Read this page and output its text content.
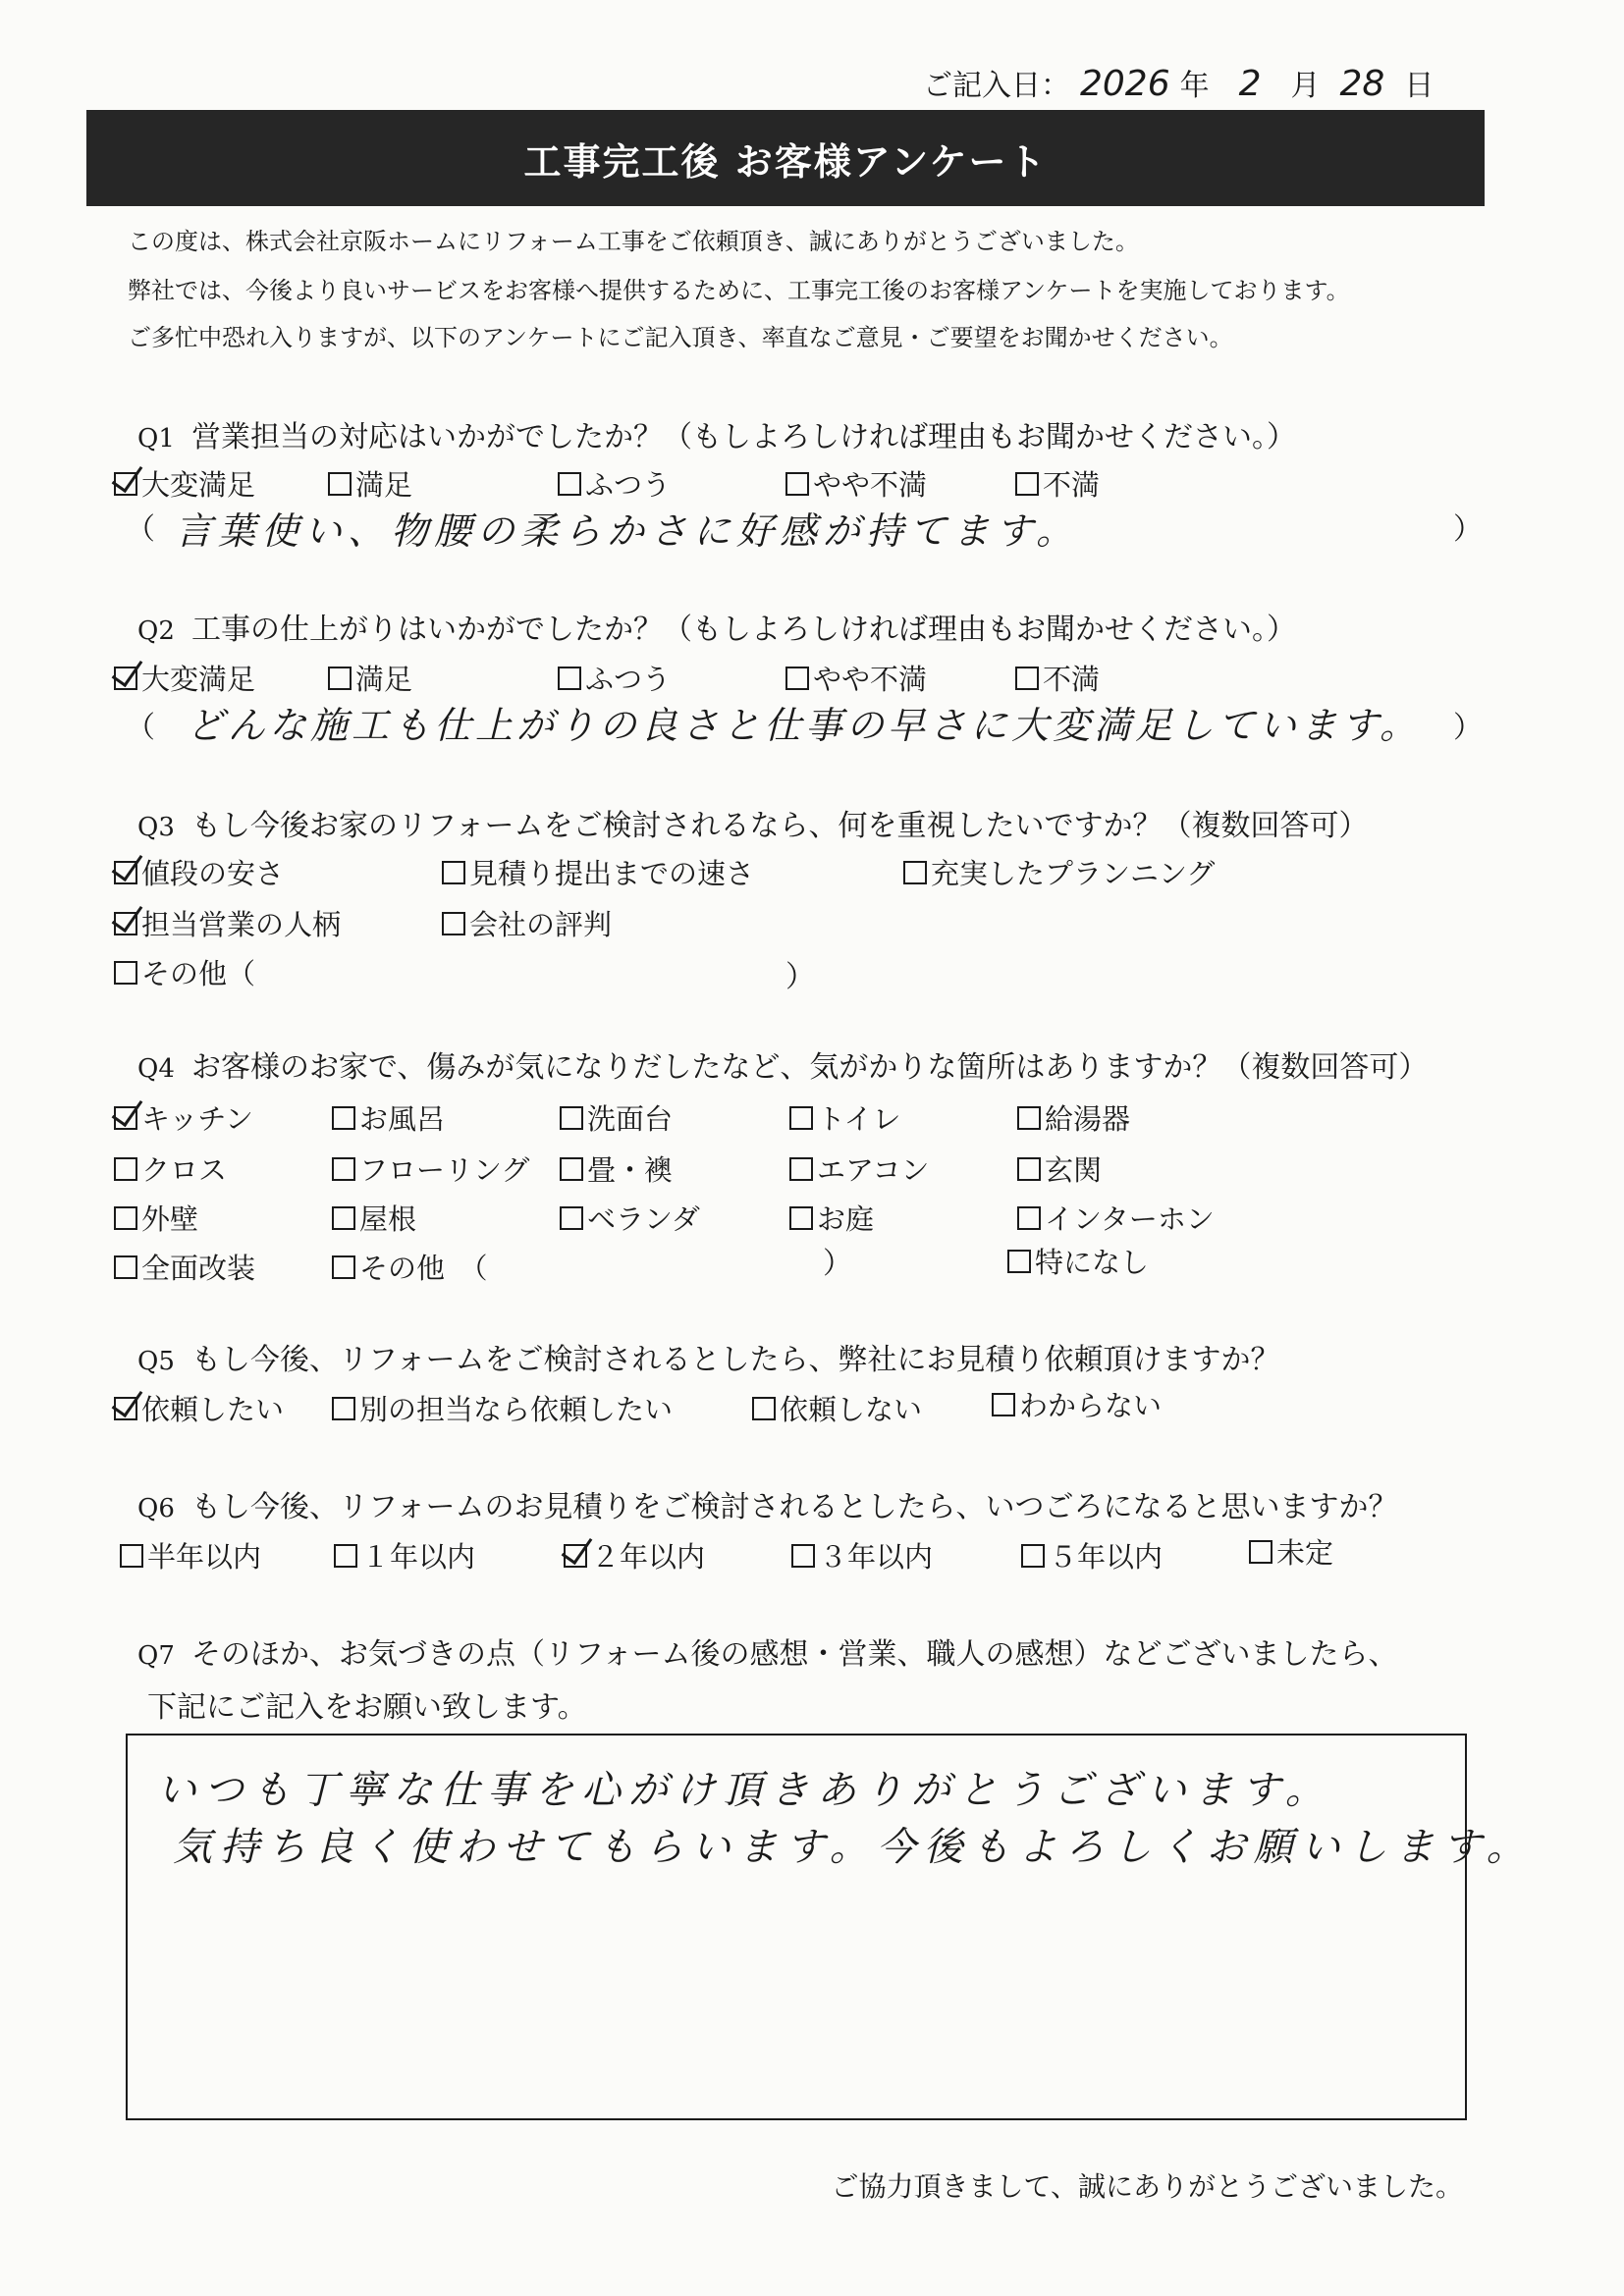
ご記入日： 2026 年 2 月 28 日
工事完工後 お客様アンケート
この度は、株式会社京阪ホームにリフォーム工事をご依頼頂き、誠にありがとうございました。
弊社では、今後より良いサービスをお客様へ提供するために、工事完工後のお客様アンケートを実施しております。
ご多忙中恐れ入りますが、以下のアンケートにご記入頂き、率直なご意見・ご要望をお聞かせください。
Q1 営業担当の対応はいかがでしたか？（もしよろしければ理由もお聞かせください。）
大変満足	満足	ふつう	やや不満	不満
（ 言葉使い、物腰の柔らかさに好感が持てます。	）
Q2 工事の仕上がりはいかがでしたか？（もしよろしければ理由もお聞かせください。）
大変満足	満足	ふつう	やや不満	不満
（ どんな施工も仕上がりの良さと仕事の早さに大変満足しています。 ）
Q3 もし今後お家のリフォームをご検討されるなら、何を重視したいですか？（複数回答可）
値段の安さ	見積り提出までの速さ	充実したプランニング
担当営業の人柄	会社の評判
その他（	）
Q4 お客様のお家で、傷みが気になりだしたなど、気がかりな箇所はありますか？（複数回答可）
キッチン	お風呂	洗面台	トイレ	給湯器
クロス	フローリング 畳・襖	エアコン	玄関
外壁	屋根	ベランダ	お庭	インターホン
全面改装	その他　（	）	特になし
Q5 もし今後、リフォームをご検討されるとしたら、弊社にお見積り依頼頂けますか？
依頼したい	別の担当なら依頼したい	依頼しない	わからない
Q6 もし今後、リフォームのお見積りをご検討されるとしたら、いつごろになると思いますか？
半年以内	１年以内	２年以内	３年以内	５年以内	未定
Q7 そのほか、お気づきの点（リフォーム後の感想・営業、職人の感想）などございましたら、
下記にご記入をお願い致します。
いつも丁寧な仕事を心がけ頂きありがとうございます。
気持ち良く使わせてもらいます。今後もよろしくお願いします。
ご協力頂きまして、誠にありがとうございました。
